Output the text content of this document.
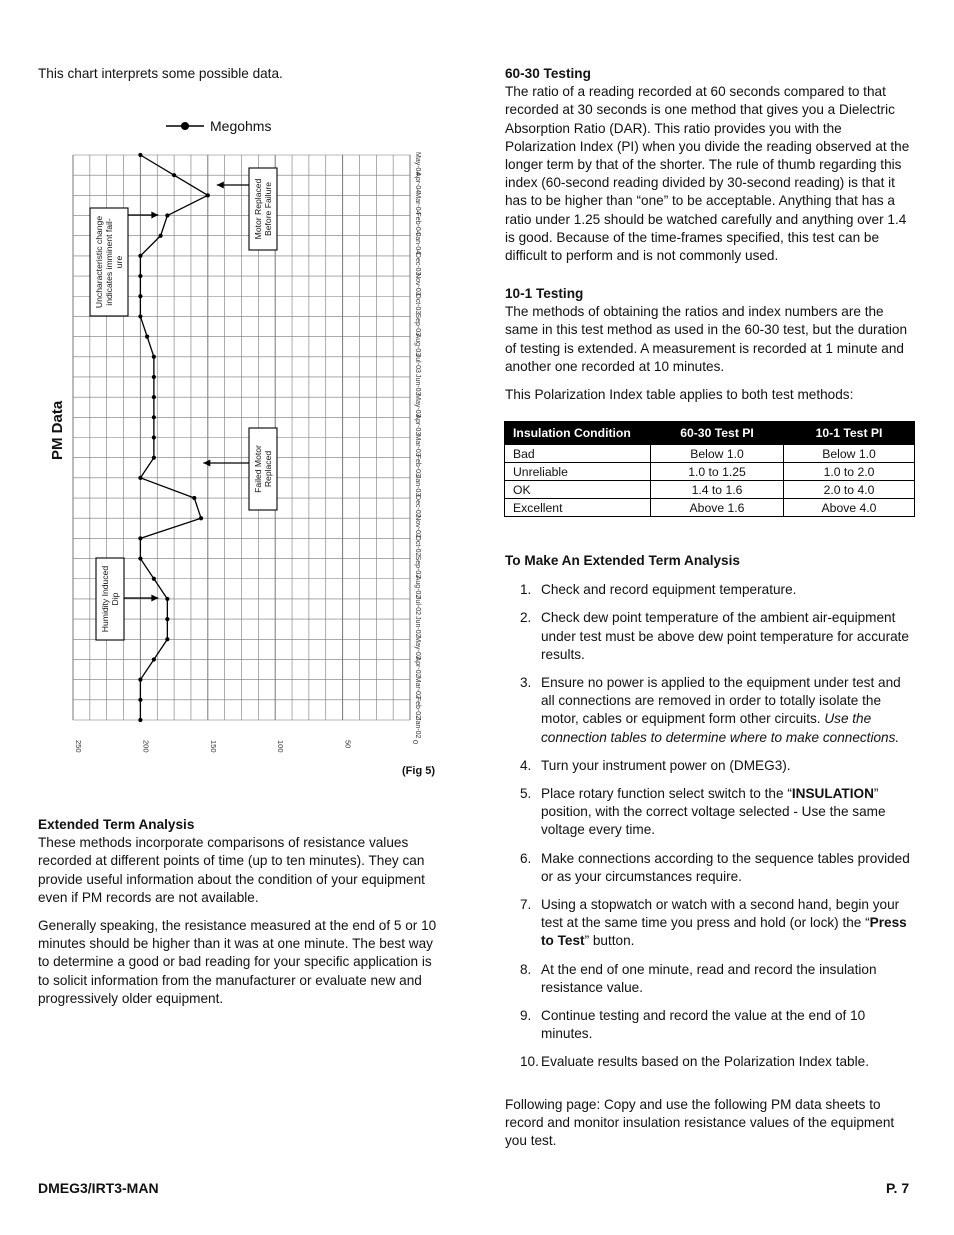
This chart interprets some possible data.

Megohms
PM Data
250	200	150	100	50	0
May-04
Apr-04
Mar-04
Feb-04
Jan-04
Dec-03
Nov-03
Oct-03
Sep-03
Aug-03
Jul-03
Jun-03
May-03
Apr-03
Mar-03
Feb-03
Jan-03
Dec-02
Nov-02
Oct-02
Sep-02
Aug-02
Jul-02
Jun-02
May-02
Apr-02
Mar-02
Feb-02
Jan-02
Motor ReplacedBefore Failure
Uncharacteristic changeindicates imminent fail-ure
Failed MotorReplaced
Humidity InducedDip
(Fig 5)

Extended Term Analysis

These methods incorporate comparisons of resistance values recorded at different points of time (up to ten minutes). They can provide useful information about the condition of your equipment even if PM records are not available.

Generally speaking, the resistance measured at the end of 5 or 10 minutes should be higher than it was at one minute. The best way to determine a good or bad reading for your specific application is to solicit information from the manufacturer or evaluate new and progressively older equipment.

60-30 Testing

The ratio of a reading recorded at 60 seconds compared to that recorded at 30 seconds is one method that gives you a Dielectric Absorption Ratio (DAR). This ratio provides you with the Polarization Index (PI) when you divide the reading observed at the longer term by that of the shorter. The rule of thumb regarding this index (60-second reading divided by 30-second reading) is that it has to be higher than “one” to be acceptable. Anything that has a ratio under 1.25 should be watched carefully and anything over 1.4 is good. Because of the time-frames specified, this test can be difficult to perform and is not commonly used.

10-1 Testing

The methods of obtaining the ratios and index numbers are the same in this test method as used in the 60-30 test, but the duration of testing is extended. A measurement is recorded at 1 minute and another one recorded at 10 minutes.

This Polarization Index table applies to both test methods:

Insulation Condition	60-30 Test PI	10-1 Test PI
Bad	Below 1.0	Below 1.0
Unreliable	1.0 to 1.25	1.0 to 2.0
OK	1.4 to 1.6	2.0 to 4.0
Excellent	Above 1.6	Above 4.0

To Make An Extended Term Analysis

1. Check and record equipment temperature.
2. Check dew point temperature of the ambient air-equipment under test must be above dew point temperature for accurate results.
3. Ensure no power is applied to the equipment under test and all connections are removed in order to totally isolate the motor, cables or equipment form other circuits. Use the connection tables to determine where to make connections.
4. Turn your instrument power on (DMEG3).
5. Place rotary function select switch to the “INSULATION” position, with the correct voltage selected - Use the same voltage every time.
6. Make connections according to the sequence tables provided or as your circumstances require.
7. Using a stopwatch or watch with a second hand, begin your test at the same time you press and hold (or lock) the “Press to Test” button.
8. At the end of one minute, read and record the insulation resistance value.
9. Continue testing and record the value at the end of 10 minutes.
10. Evaluate results based on the Polarization Index table.

Following page: Copy and use the following PM data sheets to record and monitor insulation resistance values of the equipment you test.

DMEG3/IRT3-MAN	P. 7
